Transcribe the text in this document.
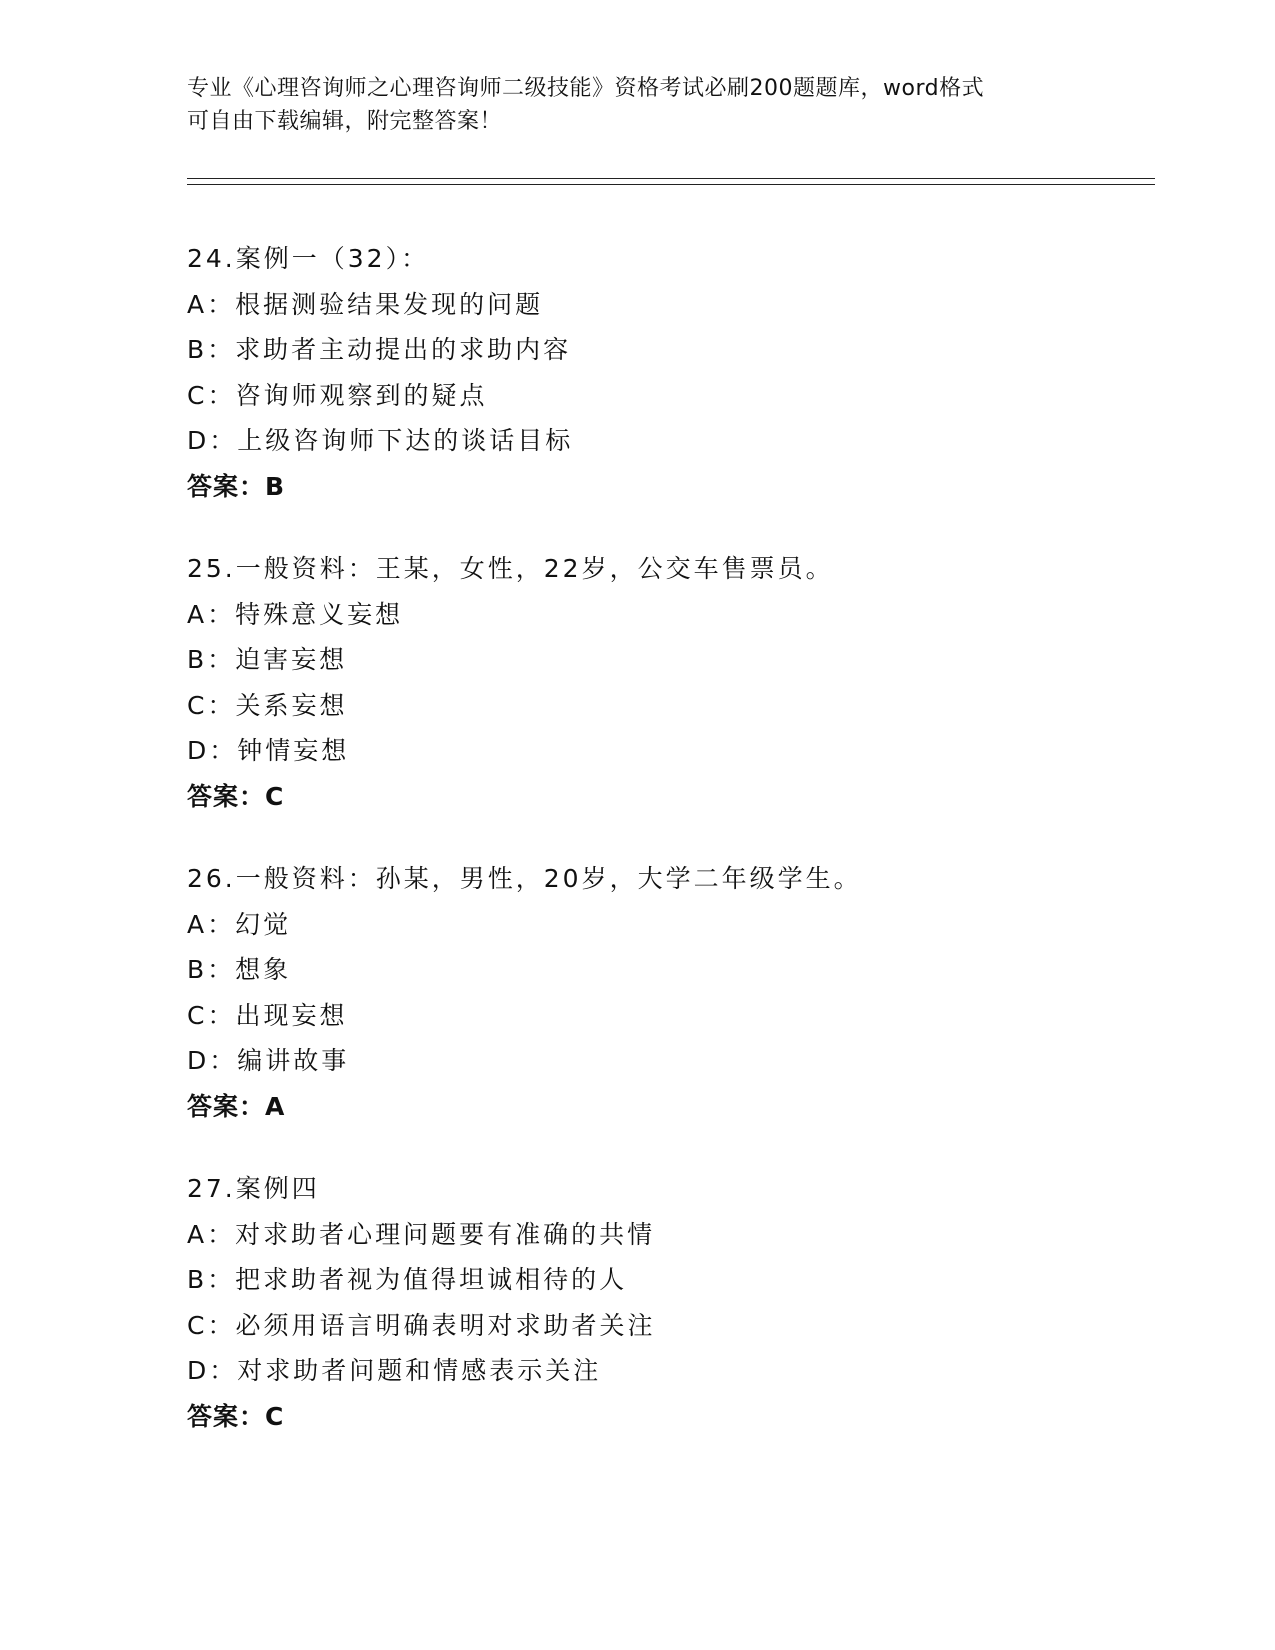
专业《心理咨询师之心理咨询师二级技能》资格考试必刷200题题库，word格式
可自由下载编辑，附完整答案！
24.案例一（32）：
A：根据测验结果发现的问题
B：求助者主动提出的求助内容
C：咨询师观察到的疑点
D：上级咨询师下达的谈话目标
答案：B
25.一般资料：王某，女性，22岁，公交车售票员。
A：特殊意义妄想
B：迫害妄想
C：关系妄想
D：钟情妄想
答案：C
26.一般资料：孙某，男性，20岁，大学二年级学生。
A：幻觉
B：想象
C：出现妄想
D：编讲故事
答案：A
27.案例四
A：对求助者心理问题要有准确的共情
B：把求助者视为值得坦诚相待的人
C：必须用语言明确表明对求助者关注
D：对求助者问题和情感表示关注
答案：C
